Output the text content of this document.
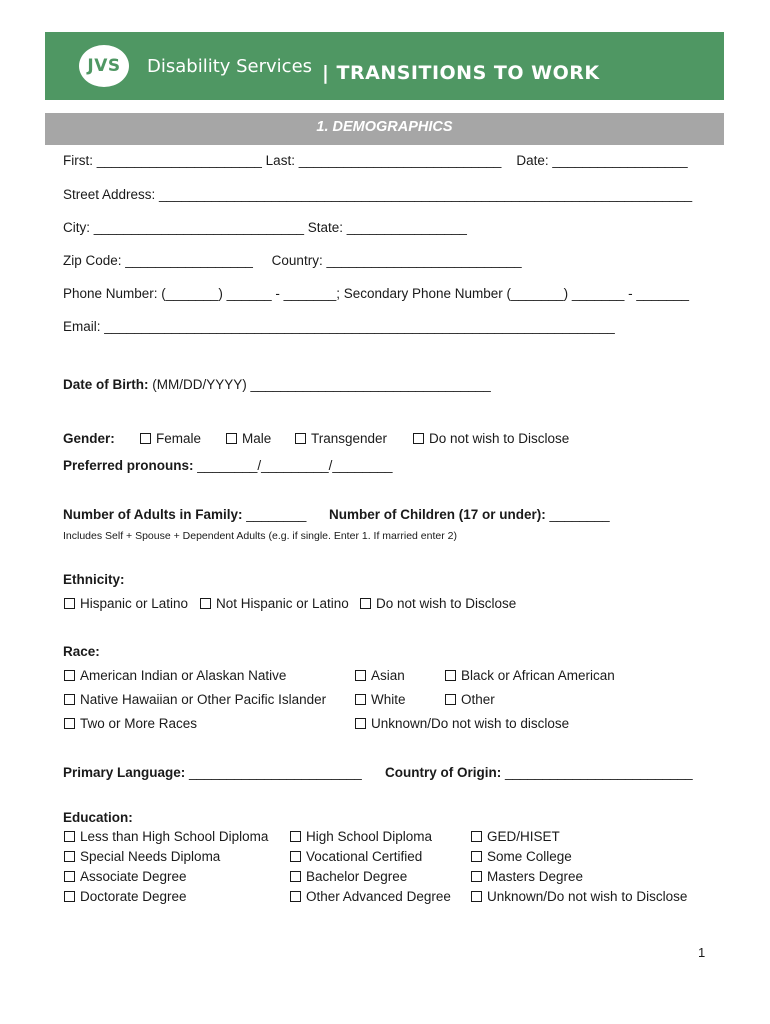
JVS Disability Services | TRANSITIONS TO WORK
1. DEMOGRAPHICS
First: ______________________ Last: ___________________________    Date: __________________
Street Address: _______________________________________________________________________
City: ____________________________ State: ________________
Zip Code: _________________     Country: __________________________
Phone Number: (_______) ______ - _______; Secondary Phone Number (_______) _______ - _______
Email: ____________________________________________________________________
Date of Birth: (MM/DD/YYYY) ________________________________
Gender:	Female	Male	Transgender	Do not wish to Disclose
Preferred pronouns: ________/_________/________
Number of Adults in Family: ________ Number of Children (17 or under): ________
Includes Self + Spouse + Dependent Adults (e.g. if single. Enter 1. If married enter 2)
Ethnicity:
Hispanic or Latino	Not Hispanic or Latino	Do not wish to Disclose
Race:
American Indian or Alaskan Native	Asian	Black or African American
Native Hawaiian or Other Pacific Islander	White	Other
Two or More Races	Unknown/Do not wish to disclose
Primary Language: _______________________ Country of Origin: _________________________
Education:
Less than High School Diploma	High School Diploma	GED/HISET
Special Needs Diploma	Vocational Certified	Some College
Associate Degree	Bachelor Degree	Masters Degree
Doctorate Degree	Other Advanced Degree	Unknown/Do not wish to Disclose
1
